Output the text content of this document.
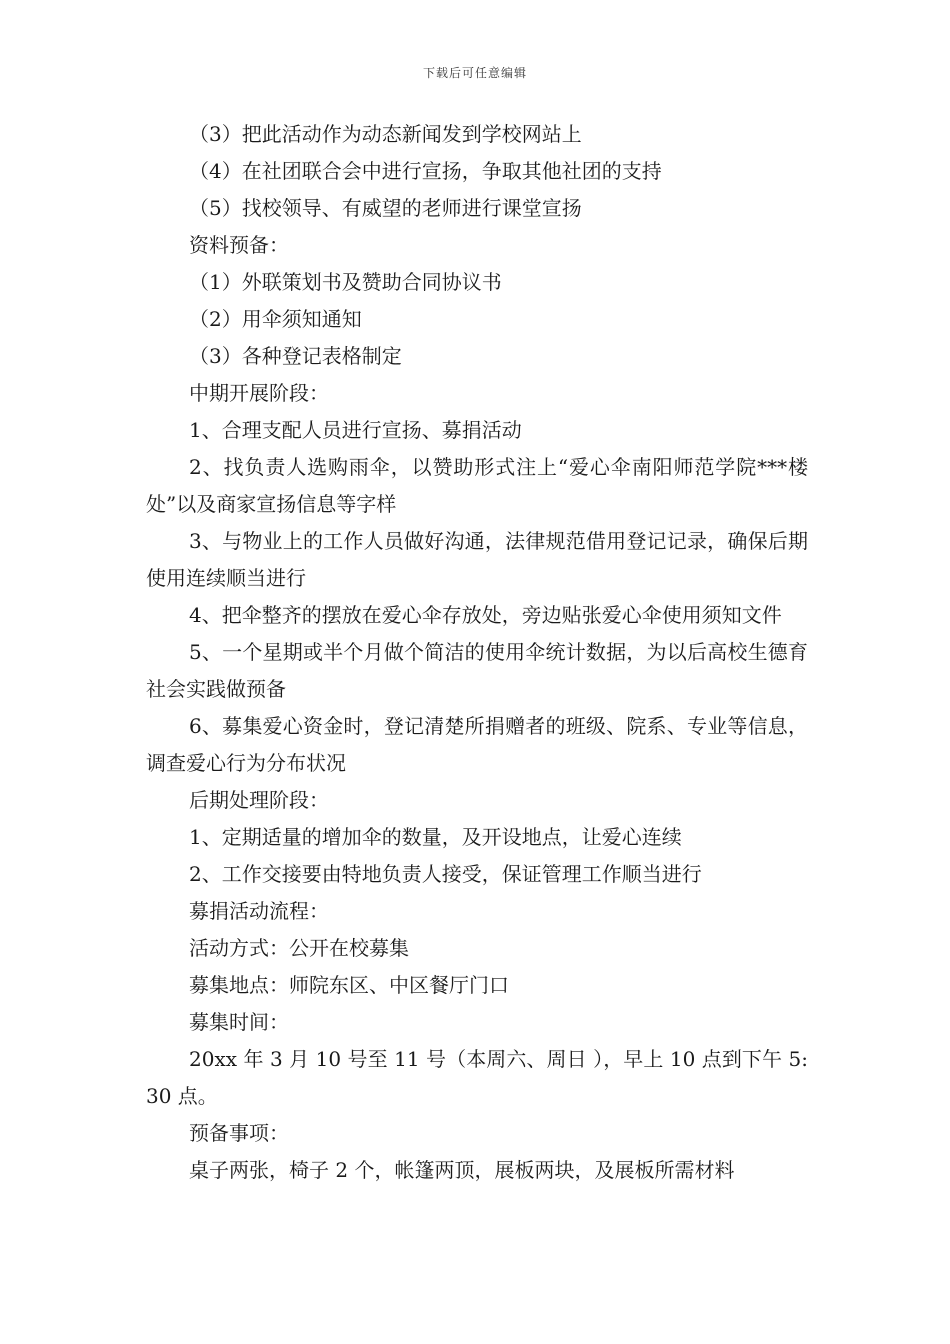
下载后可任意编辑

（3）把此活动作为动态新闻发到学校网站上

（4）在社团联合会中进行宣扬，争取其他社团的支持

（5）找校领导、有威望的老师进行课堂宣扬

资料预备：

（1）外联策划书及赞助合同协议书

（2）用伞须知通知

（3）各种登记表格制定

中期开展阶段：

1、合理支配人员进行宣扬、募捐活动

2、找负责人选购雨伞，以赞助形式注上“爱心伞南阳师范学院***楼处”以及商家宣扬信息等字样

3、与物业上的工作人员做好沟通，法律规范借用登记记录，确保后期使用连续顺当进行

4、把伞整齐的摆放在爱心伞存放处，旁边贴张爱心伞使用须知文件

5、一个星期或半个月做个简洁的使用伞统计数据，为以后高校生德育社会实践做预备

6、募集爱心资金时，登记清楚所捐赠者的班级、院系、专业等信息，调查爱心行为分布状况

后期处理阶段：

1、定期适量的增加伞的数量，及开设地点，让爱心连续

2、工作交接要由特地负责人接受，保证管理工作顺当进行

募捐活动流程：

活动方式：公开在校募集

募集地点：师院东区、中区餐厅门口

募集时间：

20xx 年 3 月 10 号至 11 号（本周六、周日 ），早上 10 点到下午 5:30 点。

预备事项：

桌子两张，椅子 2 个，帐篷两顶，展板两块，及展板所需材料
